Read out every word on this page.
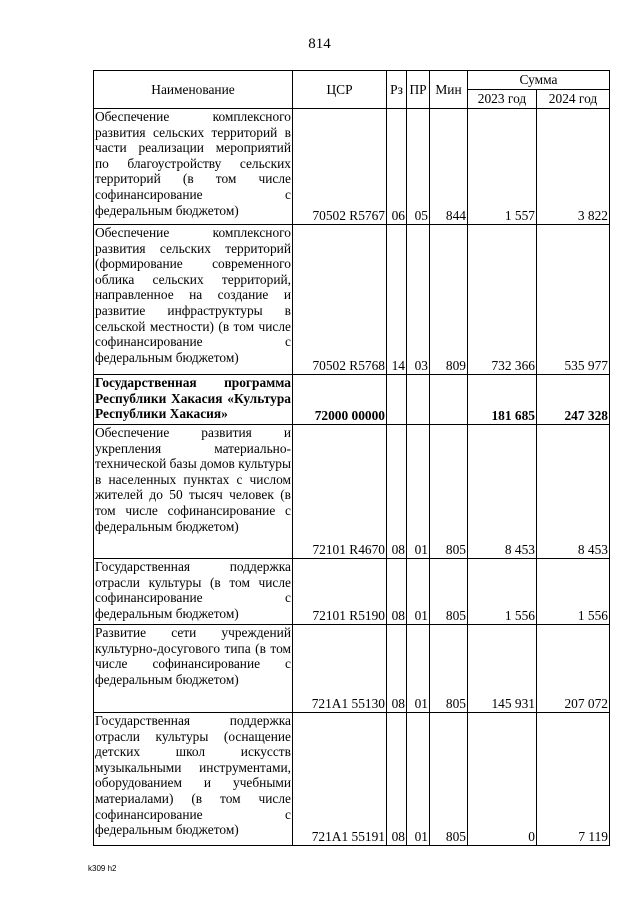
814
Наименование	ЦСР	Рз	ПР	Мин	Сумма	
					2023 год	2024 год
Обеспечение комплексного развития сельских территорий в части реализации мероприятий по благоустройству сельских территорий (в том числе софинансирование с федеральным бюджетом)	70502 R5767	06	05	844	1 557	3 822
Обеспечение комплексного развития сельских территорий (формирование современного облика сельских территорий, направленное на создание и развитие инфраструктуры в сельской местности) (в том числе софинансирование с федеральным бюджетом)	70502 R5768	14	03	809	732 366	535 977
Государственная программа Республики Хакасия «Культура Республики Хакасия»	72000 00000				181 685	247 328
Обеспечение развития и укрепления материально-технической базы домов культуры в населенных пунктах с числом жителей до 50 тысяч человек (в том числе софинансирование с федеральным бюджетом)	72101 R4670	08	01	805	8 453	8 453
Государственная поддержка отрасли культуры (в том числе софинансирование с федеральным бюджетом)	72101 R5190	08	01	805	1 556	1 556
Развитие сети учреждений культурно-досугового типа (в том числе софинансирование с федеральным бюджетом)	721A1 55130	08	01	805	145 931	207 072
Государственная поддержка отрасли культуры (оснащение детских школ искусств музыкальными инструментами, оборудованием и учебными материалами) (в том числе софинансирование с федеральным бюджетом)	721A1 55191	08	01	805	0	7 119
k309 h2
